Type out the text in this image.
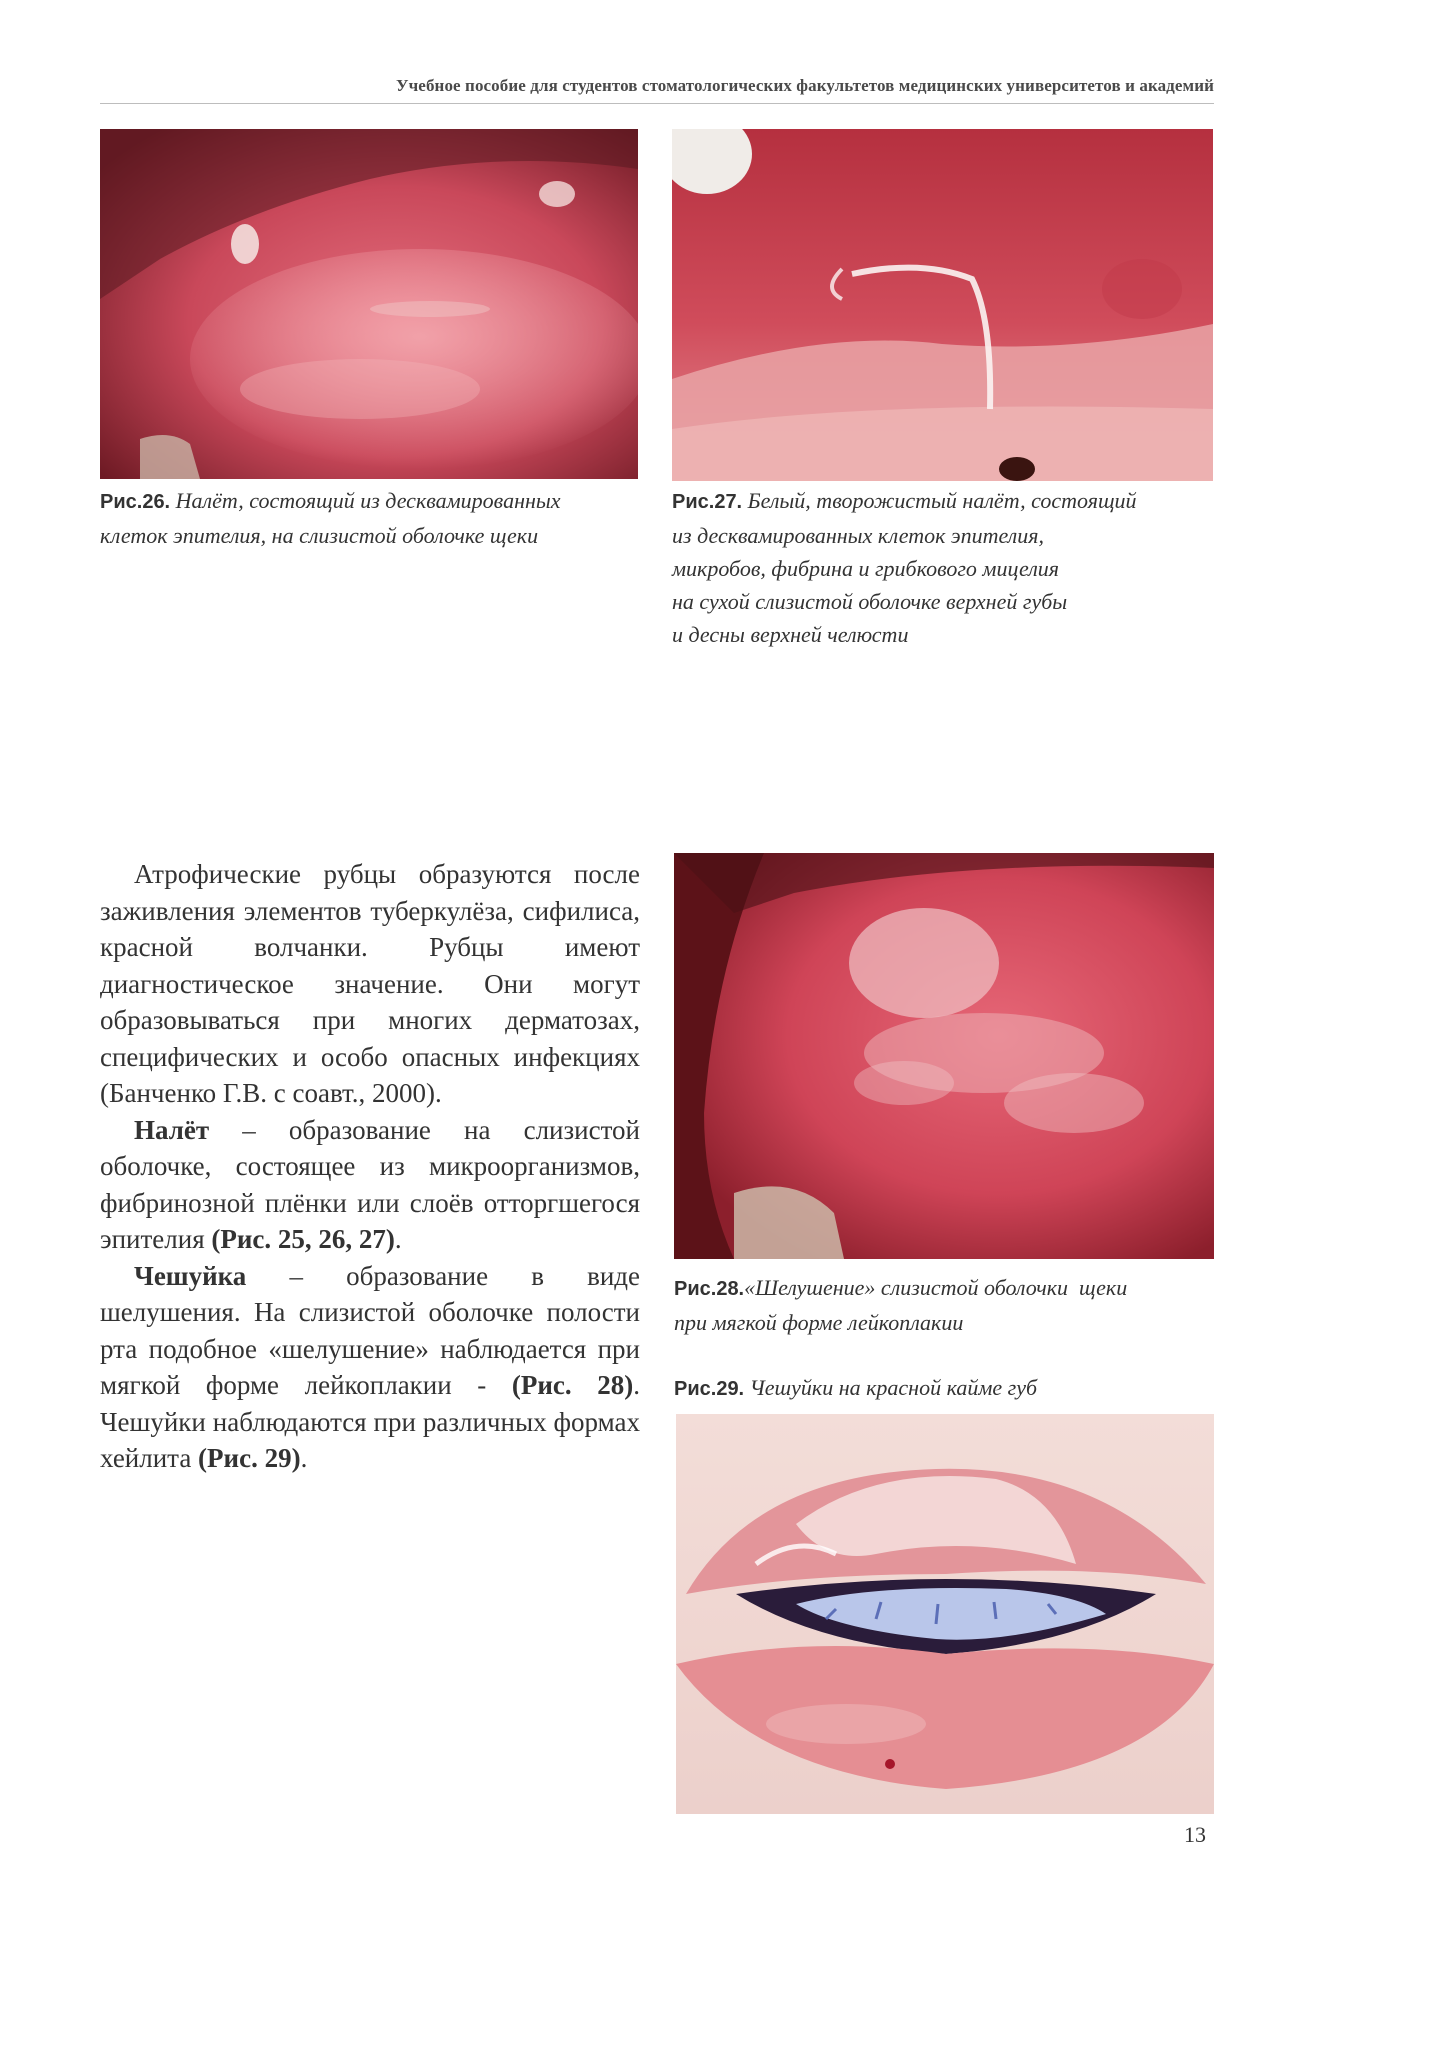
Учебное пособие для студентов стоматологических факультетов медицинских университетов и академий
Рис.26. Налёт, состоящий из десквамированных
клеток эпителия, на слизистой оболочке щеки
Рис.27. Белый, творожистый налёт, состоящий
из десквамированных клеток эпителия,
микробов, фибрина и грибкового мицелия
на сухой слизистой оболочке верхней губы
и десны верхней челюсти
Рис.28.«Шелушение» слизистой оболочки  щеки
при мягкой форме лейкоплакии
Рис.29. Чешуйки на красной кайме губ

Атрофические рубцы образуются после заживления элементов туберкулёза, сифилиса, красной волчанки. Рубцы имеют диагностическое значение. Они могут образовываться при многих дерматозах, специфических и особо опасных инфекциях (Банченко Г.В. с соавт., 2000).

Налёт – образование на слизистой оболочке, состоящее из микроорганизмов, фибринозной плёнки или слоёв отторгшегося эпителия (Рис. 25, 26, 27).

Чешуйка – образование в виде шелушения. На слизистой оболочке полости рта подобное «шелушение» наблюдается при мягкой форме лейкоплакии - (Рис. 28). Чешуйки наблюдаются при различных формах хейлита (Рис. 29).

13
